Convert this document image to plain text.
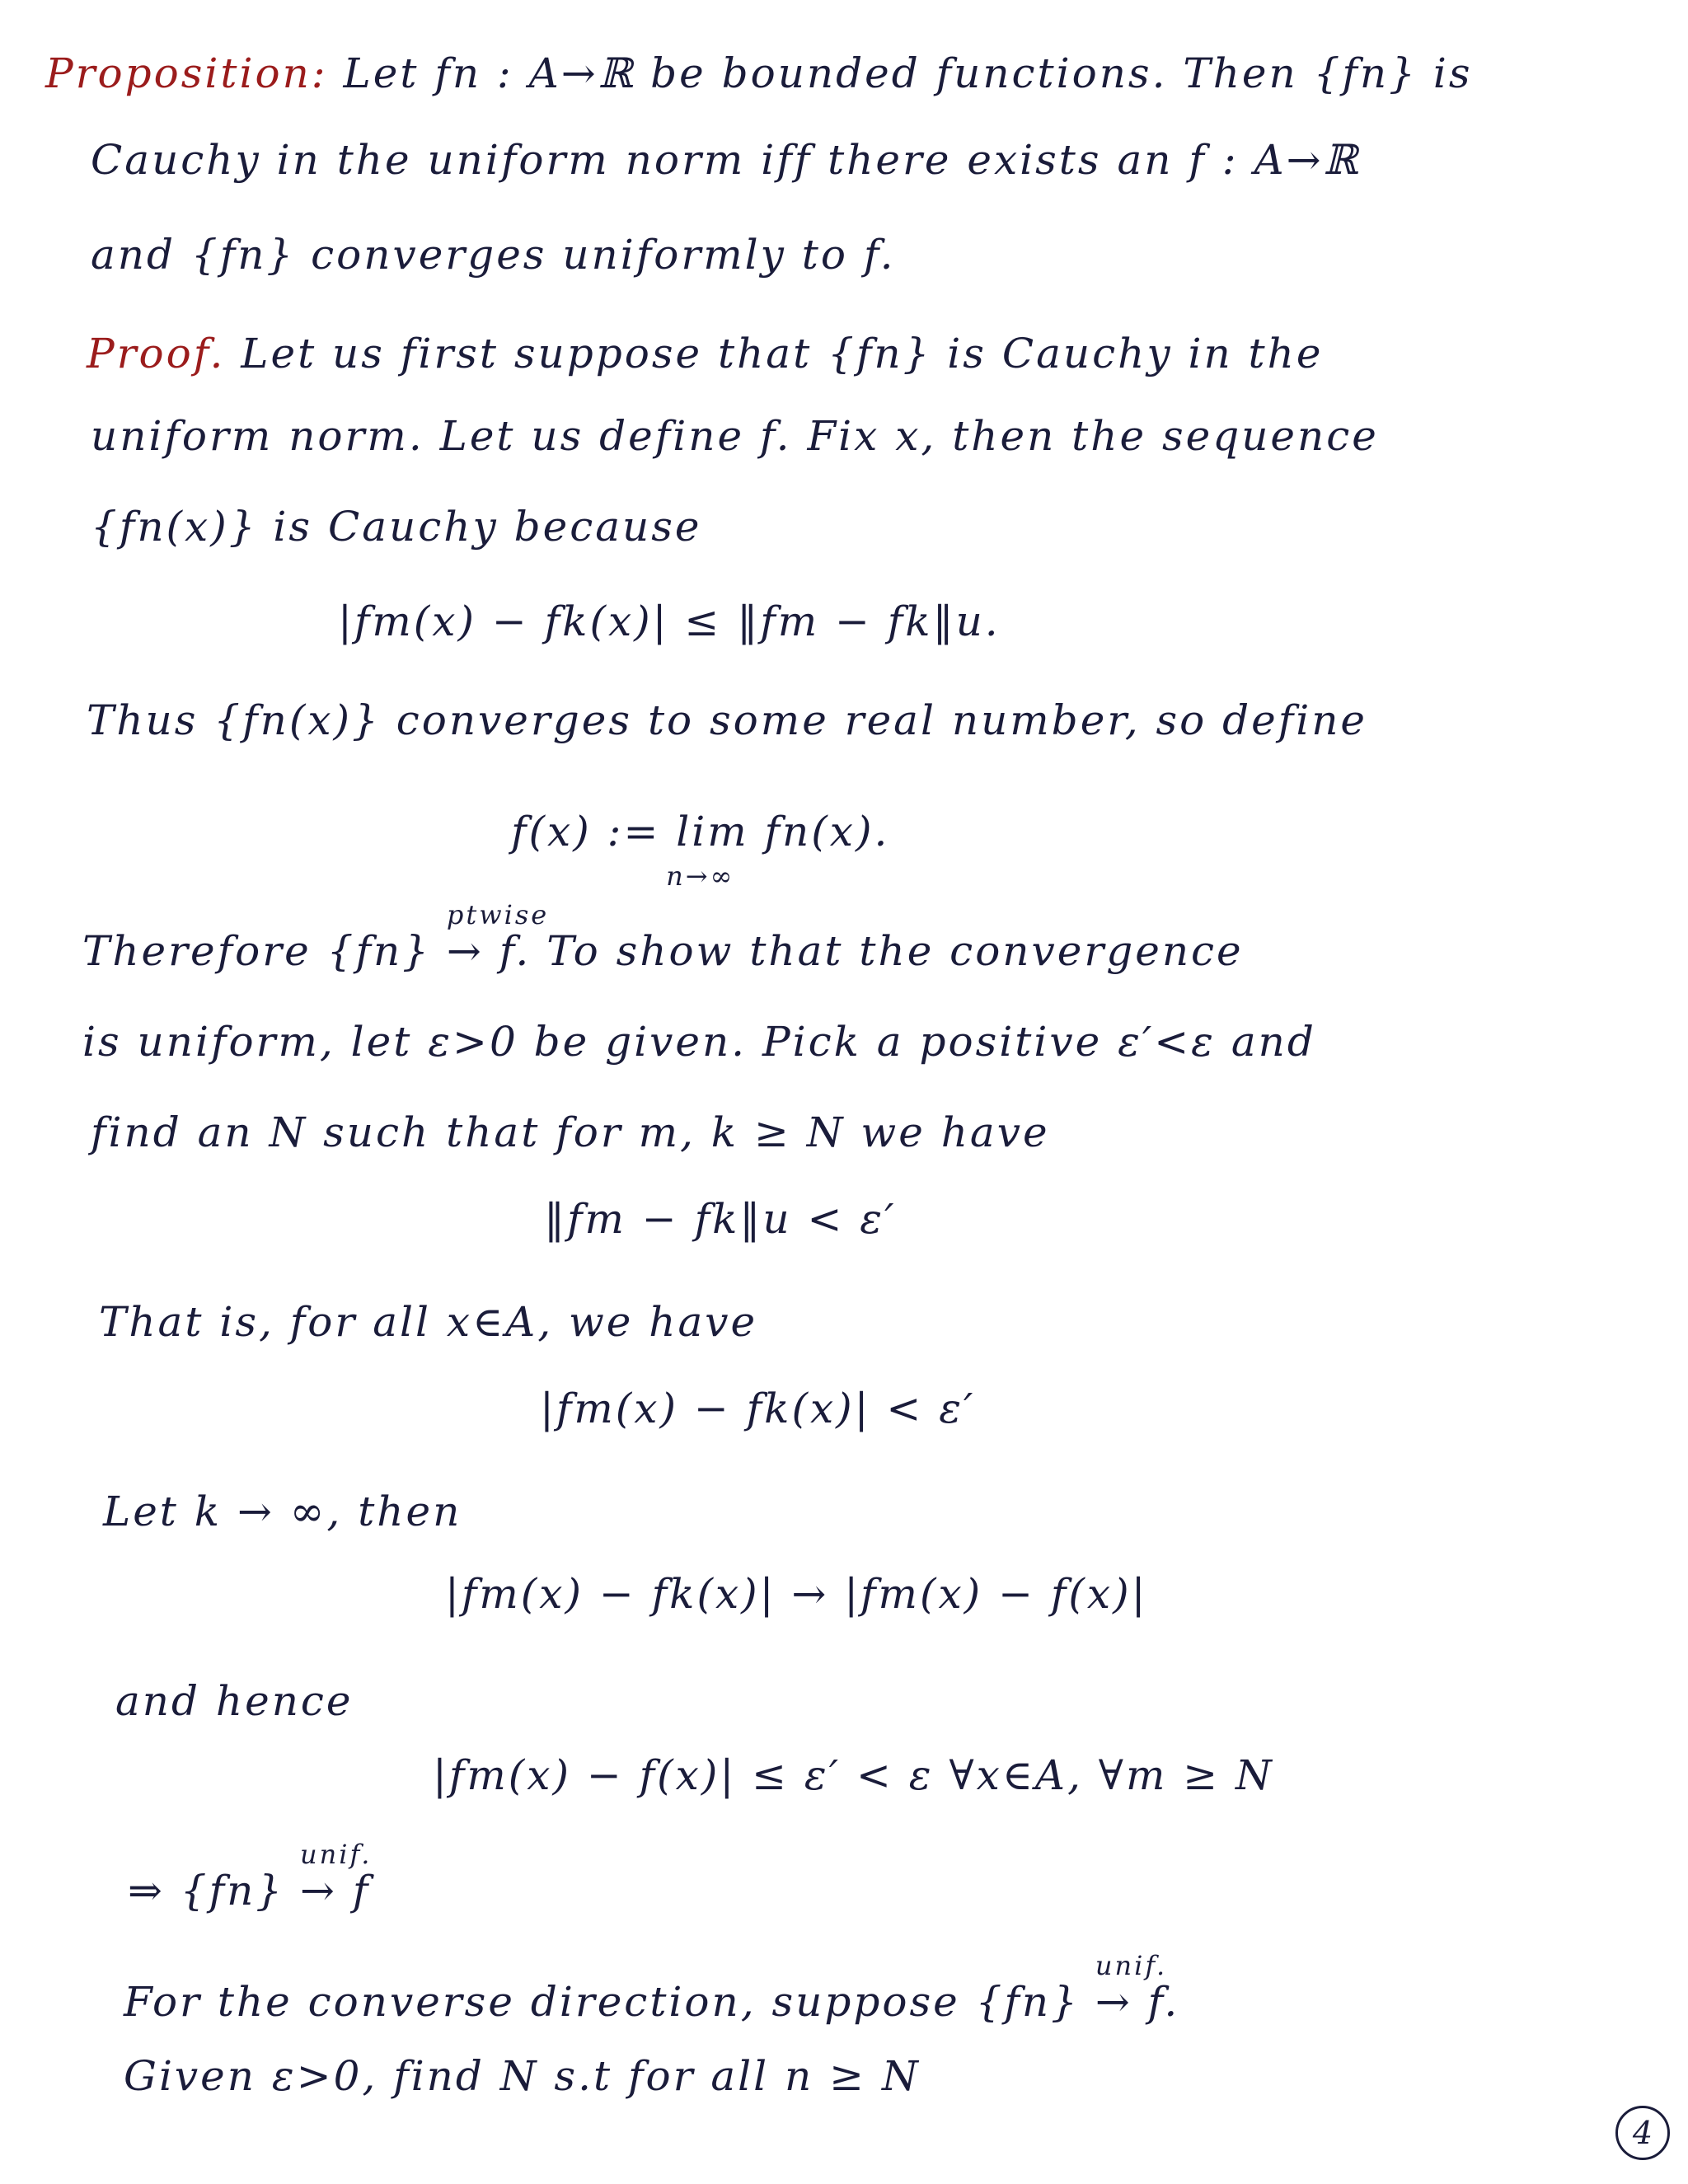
Proposition: Let fn : A→ℝ be bounded functions. Then {fn} is
Cauchy in the uniform norm iff there exists an f : A→ℝ
and {fn} converges uniformly to f.
Proof. Let us first suppose that {fn} is Cauchy in the
uniform norm. Let us define f. Fix x, then the sequence
{fn(x)} is Cauchy because
|fm(x) − fk(x)| ≤ ‖fm − fk‖u.
Thus {fn(x)} converges to some real number, so define
f(x) := lim fn(x).
n→∞
Therefore {fn}
ptwise
→ f. To show that the convergence
is uniform, let ε>0 be given. Pick a positive ε′<ε and
find an N such that for m, k ≥ N we have
‖fm − fk‖u < ε′
That is, for all x∈A, we have
|fm(x) − fk(x)| < ε′
Let k → ∞, then
|fm(x) − fk(x)| → |fm(x) − f(x)|
and hence
|fm(x) − f(x)| ≤ ε′ < ε ∀x∈A, ∀m ≥ N
⇒ {fn}
unif.
→ f
For the converse direction, suppose {fn}
unif.
→ f.
Given ε>0, find N s.t for all n ≥ N
4
